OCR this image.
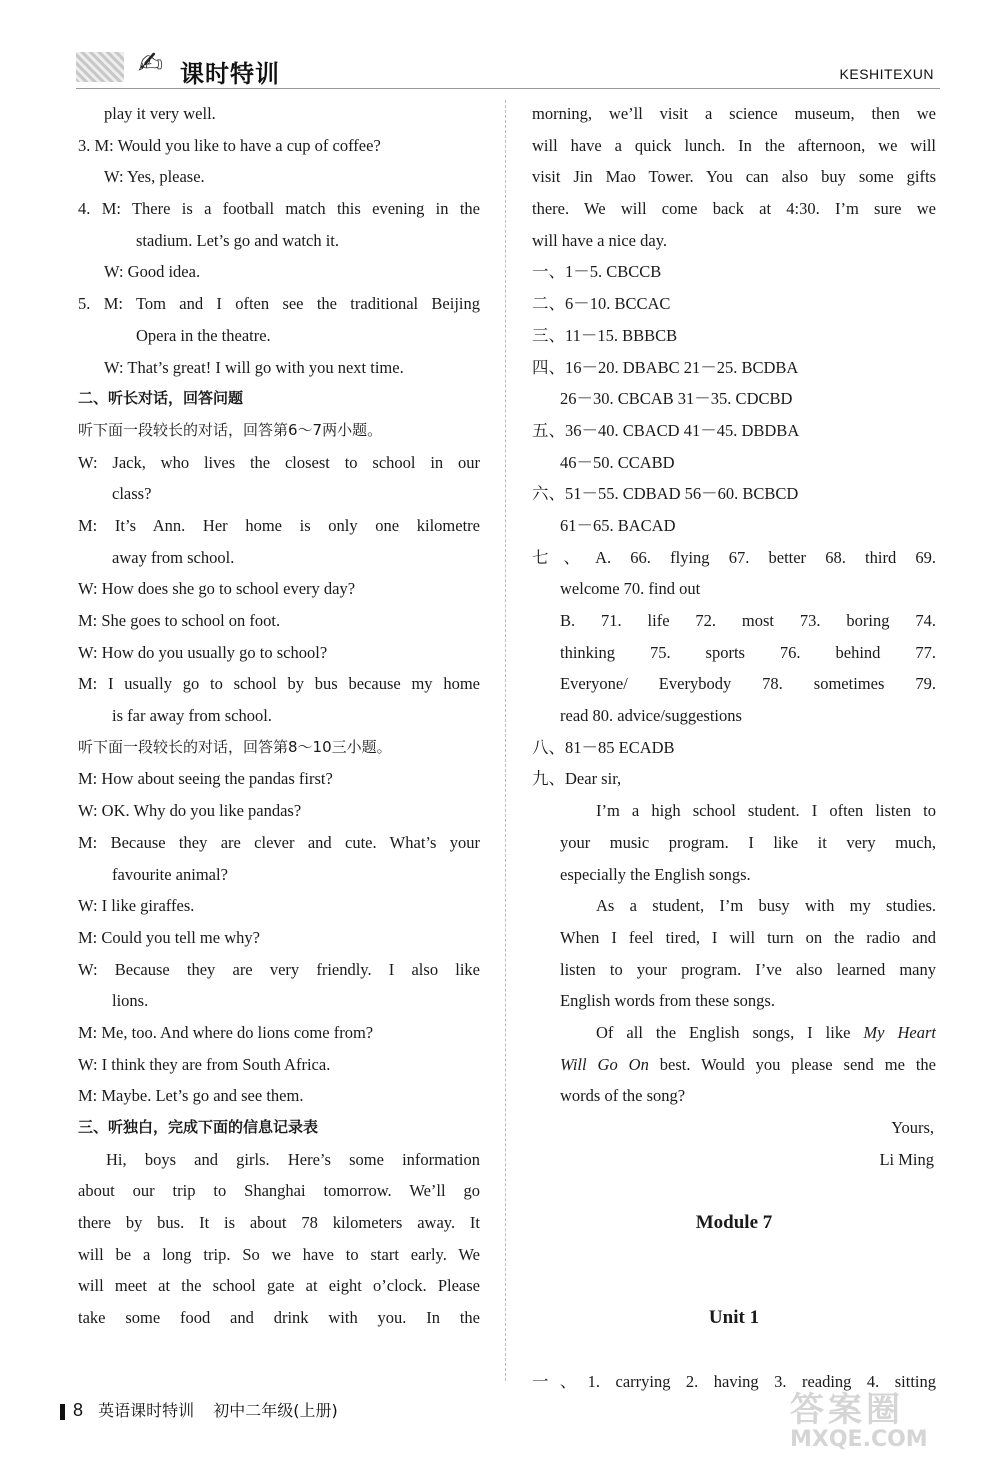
✍ 课时特训	KESHITEXUN
play it very well.
3. M: Would you like to have a cup of coffee?
W: Yes, please.
4. M: There is a football match this evening in the
stadium. Let’s go and watch it.
W: Good idea.
5. M: Tom and I often see the traditional Beijing
Opera in the theatre.
W: That’s great! I will go with you next time.
二、听长对话，回答问题
听下面一段较长的对话，回答第6～7两小题。
W: Jack, who lives the closest to school in our
class?
M: It’s Ann. Her home is only one kilometre
away from school.
W: How does she go to school every day?
M: She goes to school on foot.
W: How do you usually go to school?
M: I usually go to school by bus because my home
is far away from school.
听下面一段较长的对话，回答第8～10三小题。
M: How about seeing the pandas first?
W: OK. Why do you like pandas?
M: Because they are clever and cute. What’s your
favourite animal?
W: I like giraffes.
M: Could you tell me why?
W: Because they are very friendly. I also like
lions.
M: Me, too. And where do lions come from?
W: I think they are from South Africa.
M: Maybe. Let’s go and see them.
三、听独白，完成下面的信息记录表
Hi, boys and girls. Here’s some information
about our trip to Shanghai tomorrow. We’ll go
there by bus. It is about 78 kilometers away. It
will be a long trip. So we have to start early. We
will meet at the school gate at eight o’clock. Please
take some food and drink with you. In the
morning, we’ll visit a science museum, then we
will have a quick lunch. In the afternoon, we will
visit Jin Mao Tower. You can also buy some gifts
there. We will come back at 4:30. I’m sure we
will have a nice day.
一、1－5. CBCCB
二、6－10. BCCAC
三、11－15. BBBCB
四、16－20. DBABC 21－25. BCDBA
26－30. CBCAB 31－35. CDCBD
五、36－40. CBACD 41－45. DBDBA
46－50. CCABD
六、51－55. CDBAD 56－60. BCBCD
61－65. BACAD
七、A. 66. flying 67. better 68. third 69.
welcome 70. find out
B. 71. life 72. most 73. boring 74.
thinking 75. sports 76. behind 77.
Everyone/ Everybody 78. sometimes 79.
read 80. advice/suggestions
八、81－85 ECADB
九、Dear sir,
I’m a high school student. I often listen to
your music program. I like it very much,
especially the English songs.
As a student, I’m busy with my studies.
When I feel tired, I will turn on the radio and
listen to your program. I’ve also learned many
English words from these songs.
Of all the English songs, I like My Heart
Will Go On best. Would you please send me the
words of the song?
Yours,
Li Ming
Module 7
Unit 1
一、1. carrying 2. having 3. reading 4. sitting
8 英语课时特训 初中二年级(上册)	答案圈
MXQE.COM
